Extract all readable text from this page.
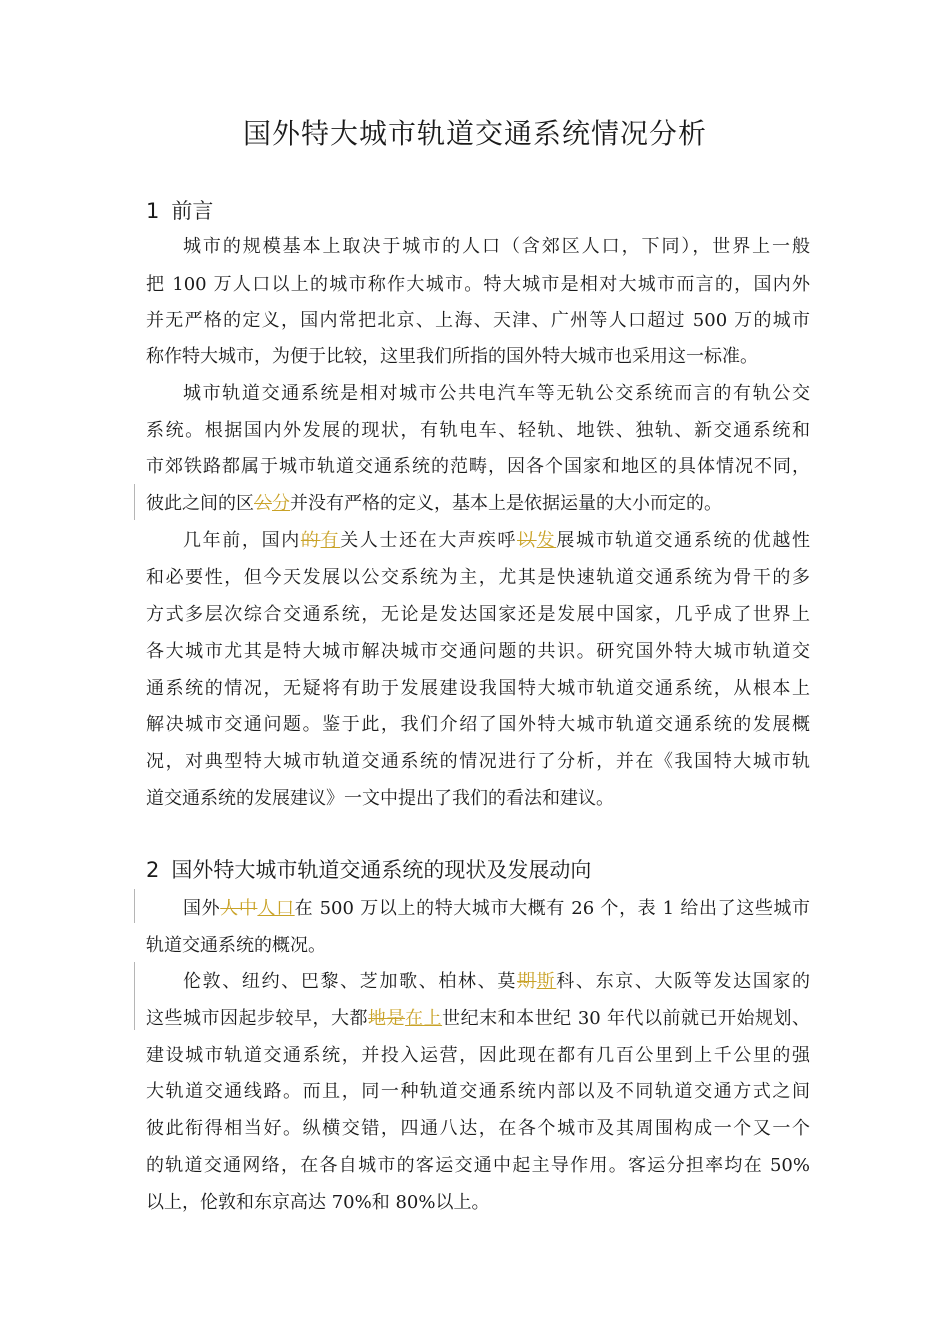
国外特大城市轨道交通系统情况分析
1 前言
城市的规模基本上取决于城市的人口（含郊区人口，下同），世界上一般
把 100 万人口以上的城市称作大城市。特大城市是相对大城市而言的，国内外
并无严格的定义，国内常把北京、上海、天津、广州等人口超过 500 万的城市
称作特大城市，为便于比较，这里我们所指的国外特大城市也采用这一标准。
城市轨道交通系统是相对城市公共电汽车等无轨公交系统而言的有轨公交
系统。根据国内外发展的现状，有轨电车、轻轨、地铁、独轨、新交通系统和
市郊铁路都属于城市轨道交通系统的范畴，因各个国家和地区的具体情况不同，
彼此之间的区公分并没有严格的定义，基本上是依据运量的大小而定的。
几年前，国内的有关人士还在大声疾呼以发展城市轨道交通系统的优越性
和必要性，但今天发展以公交系统为主，尤其是快速轨道交通系统为骨干的多
方式多层次综合交通系统，无论是发达国家还是发展中国家，几乎成了世界上
各大城市尤其是特大城市解决城市交通问题的共识。研究国外特大城市轨道交
通系统的情况，无疑将有助于发展建设我国特大城市轨道交通系统，从根本上
解决城市交通问题。鉴于此，我们介绍了国外特大城市轨道交通系统的发展概
况，对典型特大城市轨道交通系统的情况进行了分析，并在《我国特大城市轨
道交通系统的发展建议》一文中提出了我们的看法和建议。
2 国外特大城市轨道交通系统的现状及发展动向
国外人中人口在 500 万以上的特大城市大概有 26 个，表 1 给出了这些城市
轨道交通系统的概况。
伦敦、纽约、巴黎、芝加歌、柏林、莫期斯科、东京、大阪等发达国家的
这些城市因起步较早，大都地是在上世纪末和本世纪 30 年代以前就已开始规划、
建设城市轨道交通系统，并投入运营，因此现在都有几百公里到上千公里的强
大轨道交通线路。而且，同一种轨道交通系统内部以及不同轨道交通方式之间
彼此衔得相当好。纵横交错，四通八达，在各个城市及其周围构成一个又一个
的轨道交通网络，在各自城市的客运交通中起主导作用。客运分担率均在 50%
以上，伦敦和东京高达 70%和 80%以上。
